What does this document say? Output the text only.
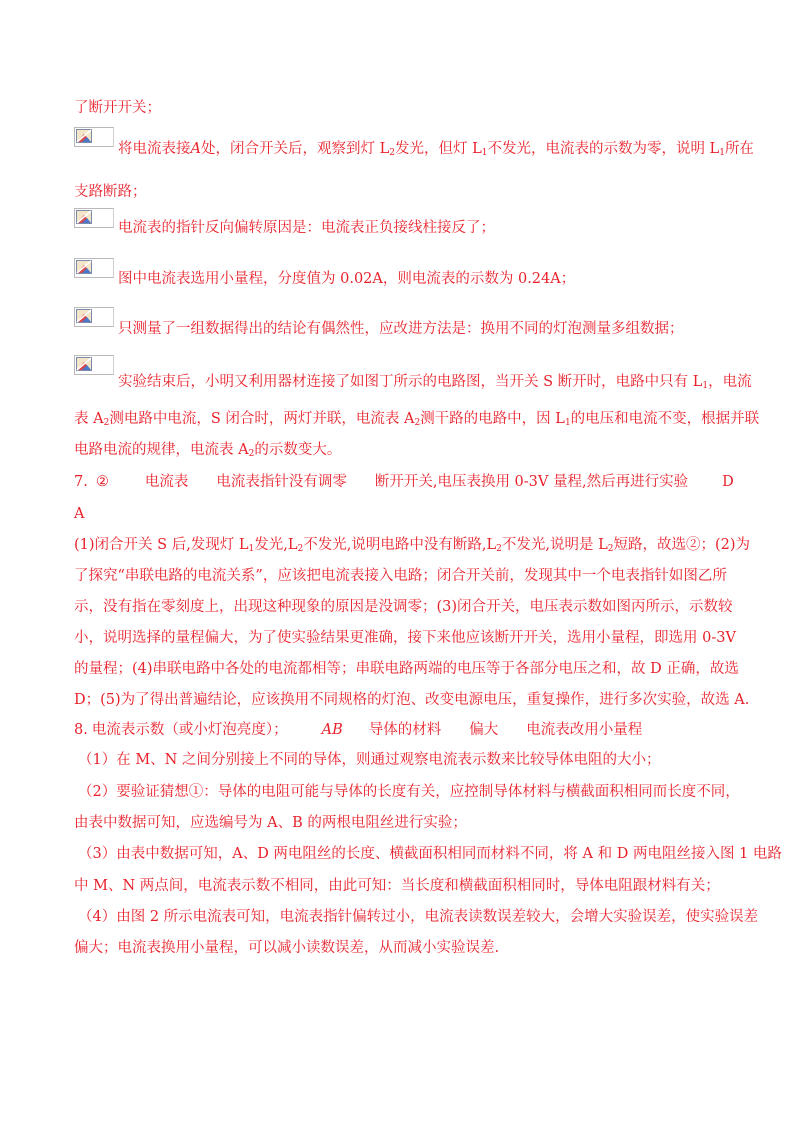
了断开开关；
将电流表接A处，闭合开关后，观察到灯 $L_2$发光，但灯 $L_1$不发光，电流表的示数为零，说明 $L_1$所在
支路断路；
电流表的指针反向偏转原因是：电流表正负接线柱接反了；
图中电流表选用小量程，分度值为 0.02A，则电流表的示数为 0.24A；
只测量了一组数据得出的结论有偶然性，应改进方法是：换用不同的灯泡测量多组数据；
实验结束后，小明又利用器材连接了如图丁所示的电路图，当开关 S 断开时，电路中只有 $L_1$，电流
表 $A_2$测电路中电流，S 闭合时，两灯并联，电流表 $A_2$测干路的电路中，因 $L_1$的电压和电流不变，根据并联
电路电流的规律，电流表 $A_2$的示数变大。
7. ② 电流表 电流表指针没有调零 断开开关,电压表换用 0-3V 量程,然后再进行实验 D
A
(1)闭合开关 S 后,发现灯 $L_1$发光$,L_2$不发光,说明电路中没有断路$,L_2$不发光,说明是 $L_2$短路，故选②；(2)为
了探究“串联电路的电流关系”，应该把电流表接入电路；闭合开关前，发现其中一个电表指针如图乙所
示，没有指在零刻度上，出现这种现象的原因是没调零；(3)闭合开关，电压表示数如图丙所示，示数较
小，说明选择的量程偏大，为了使实验结果更准确，接下来他应该断开开关，选用小量程，即选用 0-3V
的量程；(4)串联电路中各处的电流都相等；串联电路两端的电压等于各部分电压之和，故 D 正确，故选
D；(5)为了得出普遍结论，应该换用不同规格的灯泡、改变电源电压，重复操作，进行多次实验，故选 A.
8. 电流表示数（或小灯泡亮度）； AB 导体的材料 偏大 电流表改用小量程
（1）在 M、N 之间分别接上不同的导体，则通过观察电流表示数来比较导体电阻的大小；
（2）要验证猜想①：导体的电阻可能与导体的长度有关，应控制导体材料与横截面积相同而长度不同，
由表中数据可知，应选编号为 A、B 的两根电阻丝进行实验；
（3）由表中数据可知，A、D 两电阻丝的长度、横截面积相同而材料不同，将 A 和 D 两电阻丝接入图 1 电路
中 M、N 两点间，电流表示数不相同，由此可知：当长度和横截面积相同时，导体电阻跟材料有关；
（4）由图 2 所示电流表可知，电流表指针偏转过小，电流表读数误差较大，会增大实验误差，使实验误差
偏大；电流表换用小量程，可以减小读数误差，从而减小实验误差.
